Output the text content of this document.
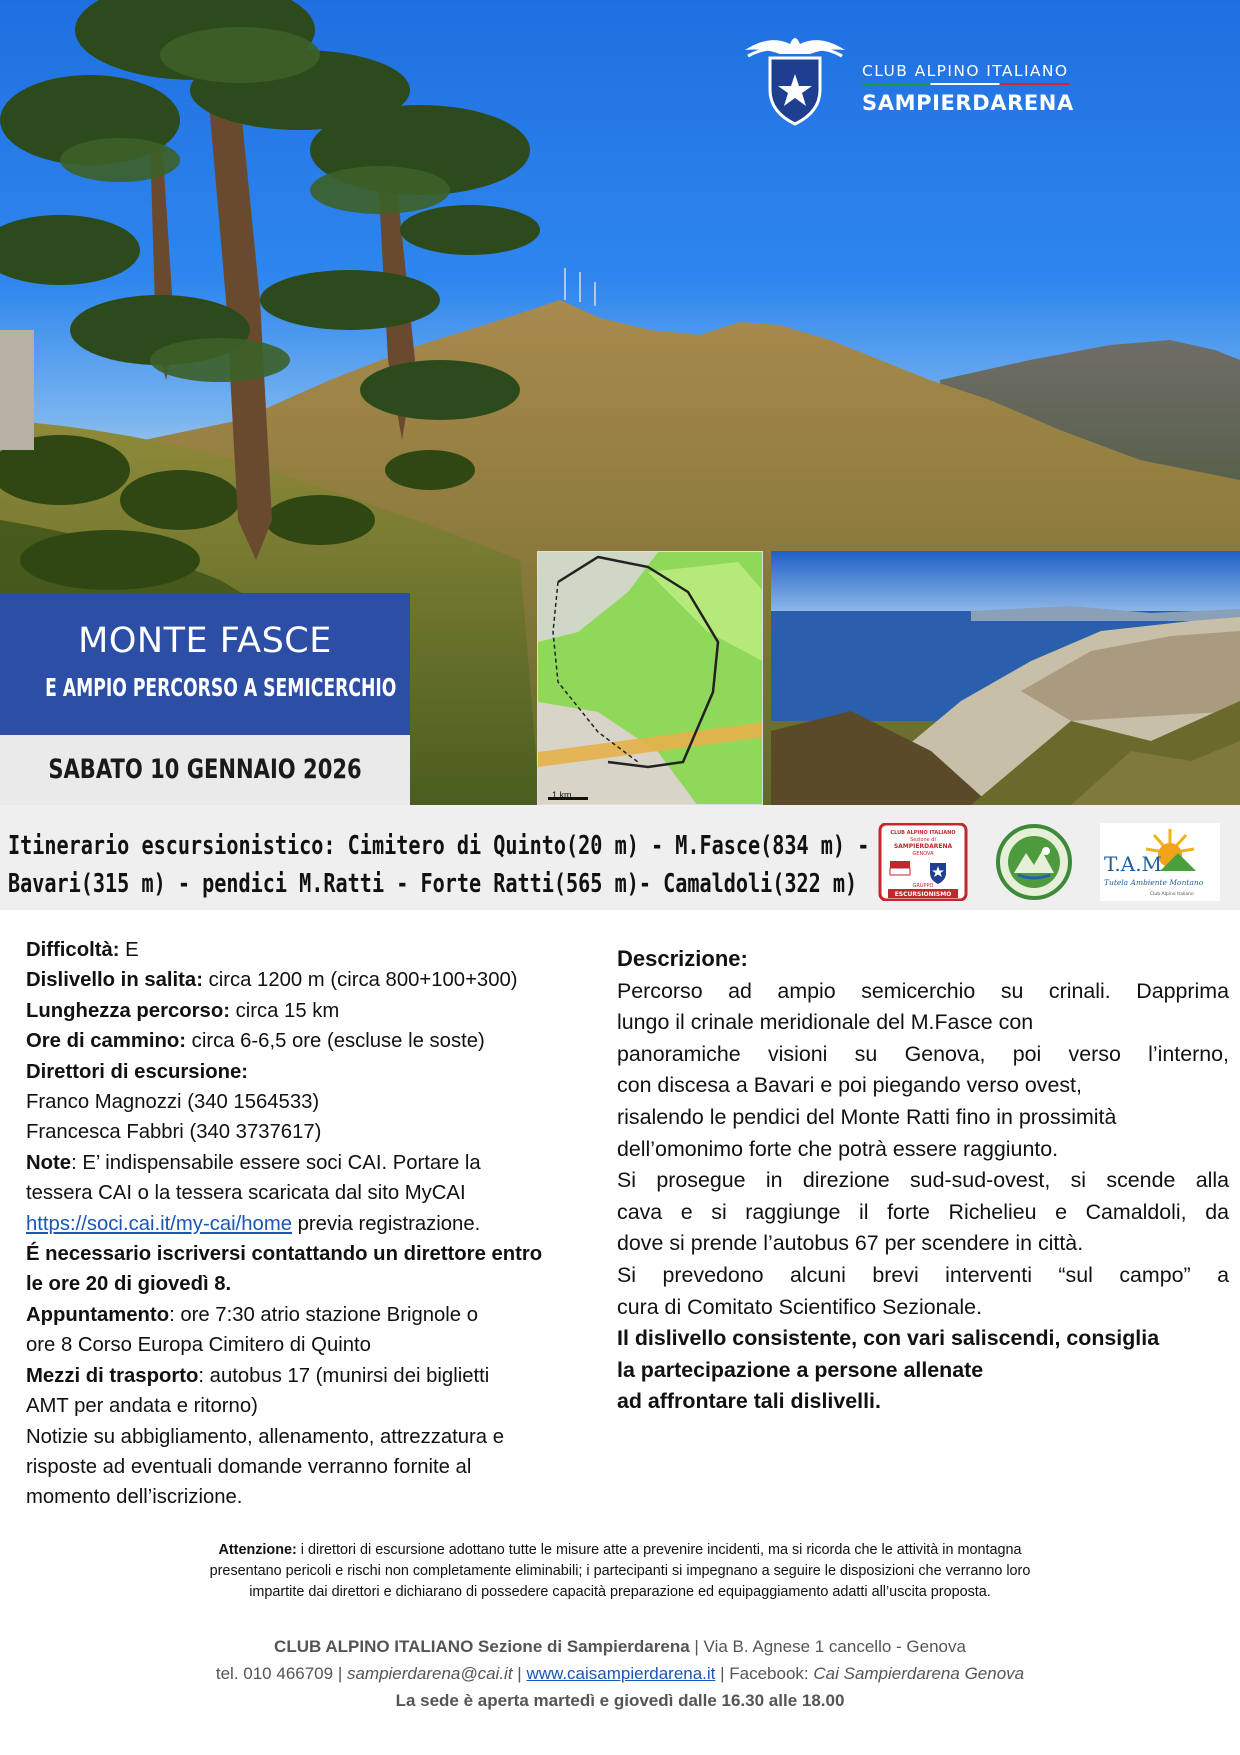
CLUB ALPINO ITALIANO
SAMPIERDARENA
MONTE FASCE
E AMPIO PERCORSO A SEMICERCHIO
SABATO 10 GENNAIO 2026
1 km
Itinerario escursionistico: Cimitero di Quinto(20 m) - M.Fasce(834 m) -
Bavari(315 m) - pendici M.Ratti - Forte Ratti(565 m)- Camaldoli(322 m)
CLUB ALPINO ITALIANO
Sezione di
SAMPIERDARENA
GENOVA
GRUPPO
ESCURSIONISMO
T.A.M.
Tutela Ambiente Montano
Club Alpino Italiano
Difficoltà: E
Dislivello in salita: circa 1200 m (circa 800+100+300)
Lunghezza percorso: circa 15 km
Ore di cammino: circa 6-6,5 ore (escluse le soste)
Direttori di escursione:
Franco Magnozzi (340 1564533)
Francesca Fabbri (340 3737617)
Note: E’ indispensabile essere soci CAI. Portare la
tessera CAI o la tessera scaricata dal sito MyCAI
https://soci.cai.it/my-cai/home previa registrazione.
É necessario iscriversi contattando un direttore entro
le ore 20 di giovedì 8.
Appuntamento: ore 7:30 atrio stazione Brignole o
ore 8 Corso Europa Cimitero di Quinto
Mezzi di trasporto: autobus 17 (munirsi dei biglietti
AMT per andata e ritorno)
Notizie su abbigliamento, allenamento, attrezzatura e
risposte ad eventuali domande verranno fornite al
momento dell’iscrizione.
Descrizione:
Percorso ad ampio semicerchio su crinali. Dapprima
lungo il crinale meridionale del M.Fasce con
panoramiche visioni su Genova, poi verso l’interno,
con discesa a Bavari e poi piegando verso ovest,
risalendo le pendici del Monte Ratti fino in prossimità
dell’omonimo forte che potrà essere raggiunto.
Si prosegue in direzione sud-sud-ovest, si scende alla
cava e si raggiunge il forte Richelieu e Camaldoli, da
dove si prende l’autobus 67 per scendere in città.
Si prevedono alcuni brevi interventi “sul campo” a
cura di Comitato Scientifico Sezionale.
Il dislivello consistente, con vari saliscendi, consiglia
la partecipazione a persone allenate
ad affrontare tali dislivelli.
Attenzione: i direttori di escursione adottano tutte le misure atte a prevenire incidenti, ma si ricorda che le attività in montagna
presentano pericoli e rischi non completamente eliminabili; i partecipanti si impegnano a seguire le disposizioni che verranno loro
impartite dai direttori e dichiarano di possedere capacità preparazione ed equipaggiamento adatti all’uscita proposta.
CLUB ALPINO ITALIANO Sezione di Sampierdarena | Via B. Agnese 1 cancello - Genova
tel. 010 466709 | sampierdarena@cai.it | www.caisampierdarena.it | Facebook: Cai Sampierdarena Genova
La sede è aperta martedì e giovedì dalle 16.30 alle 18.00
